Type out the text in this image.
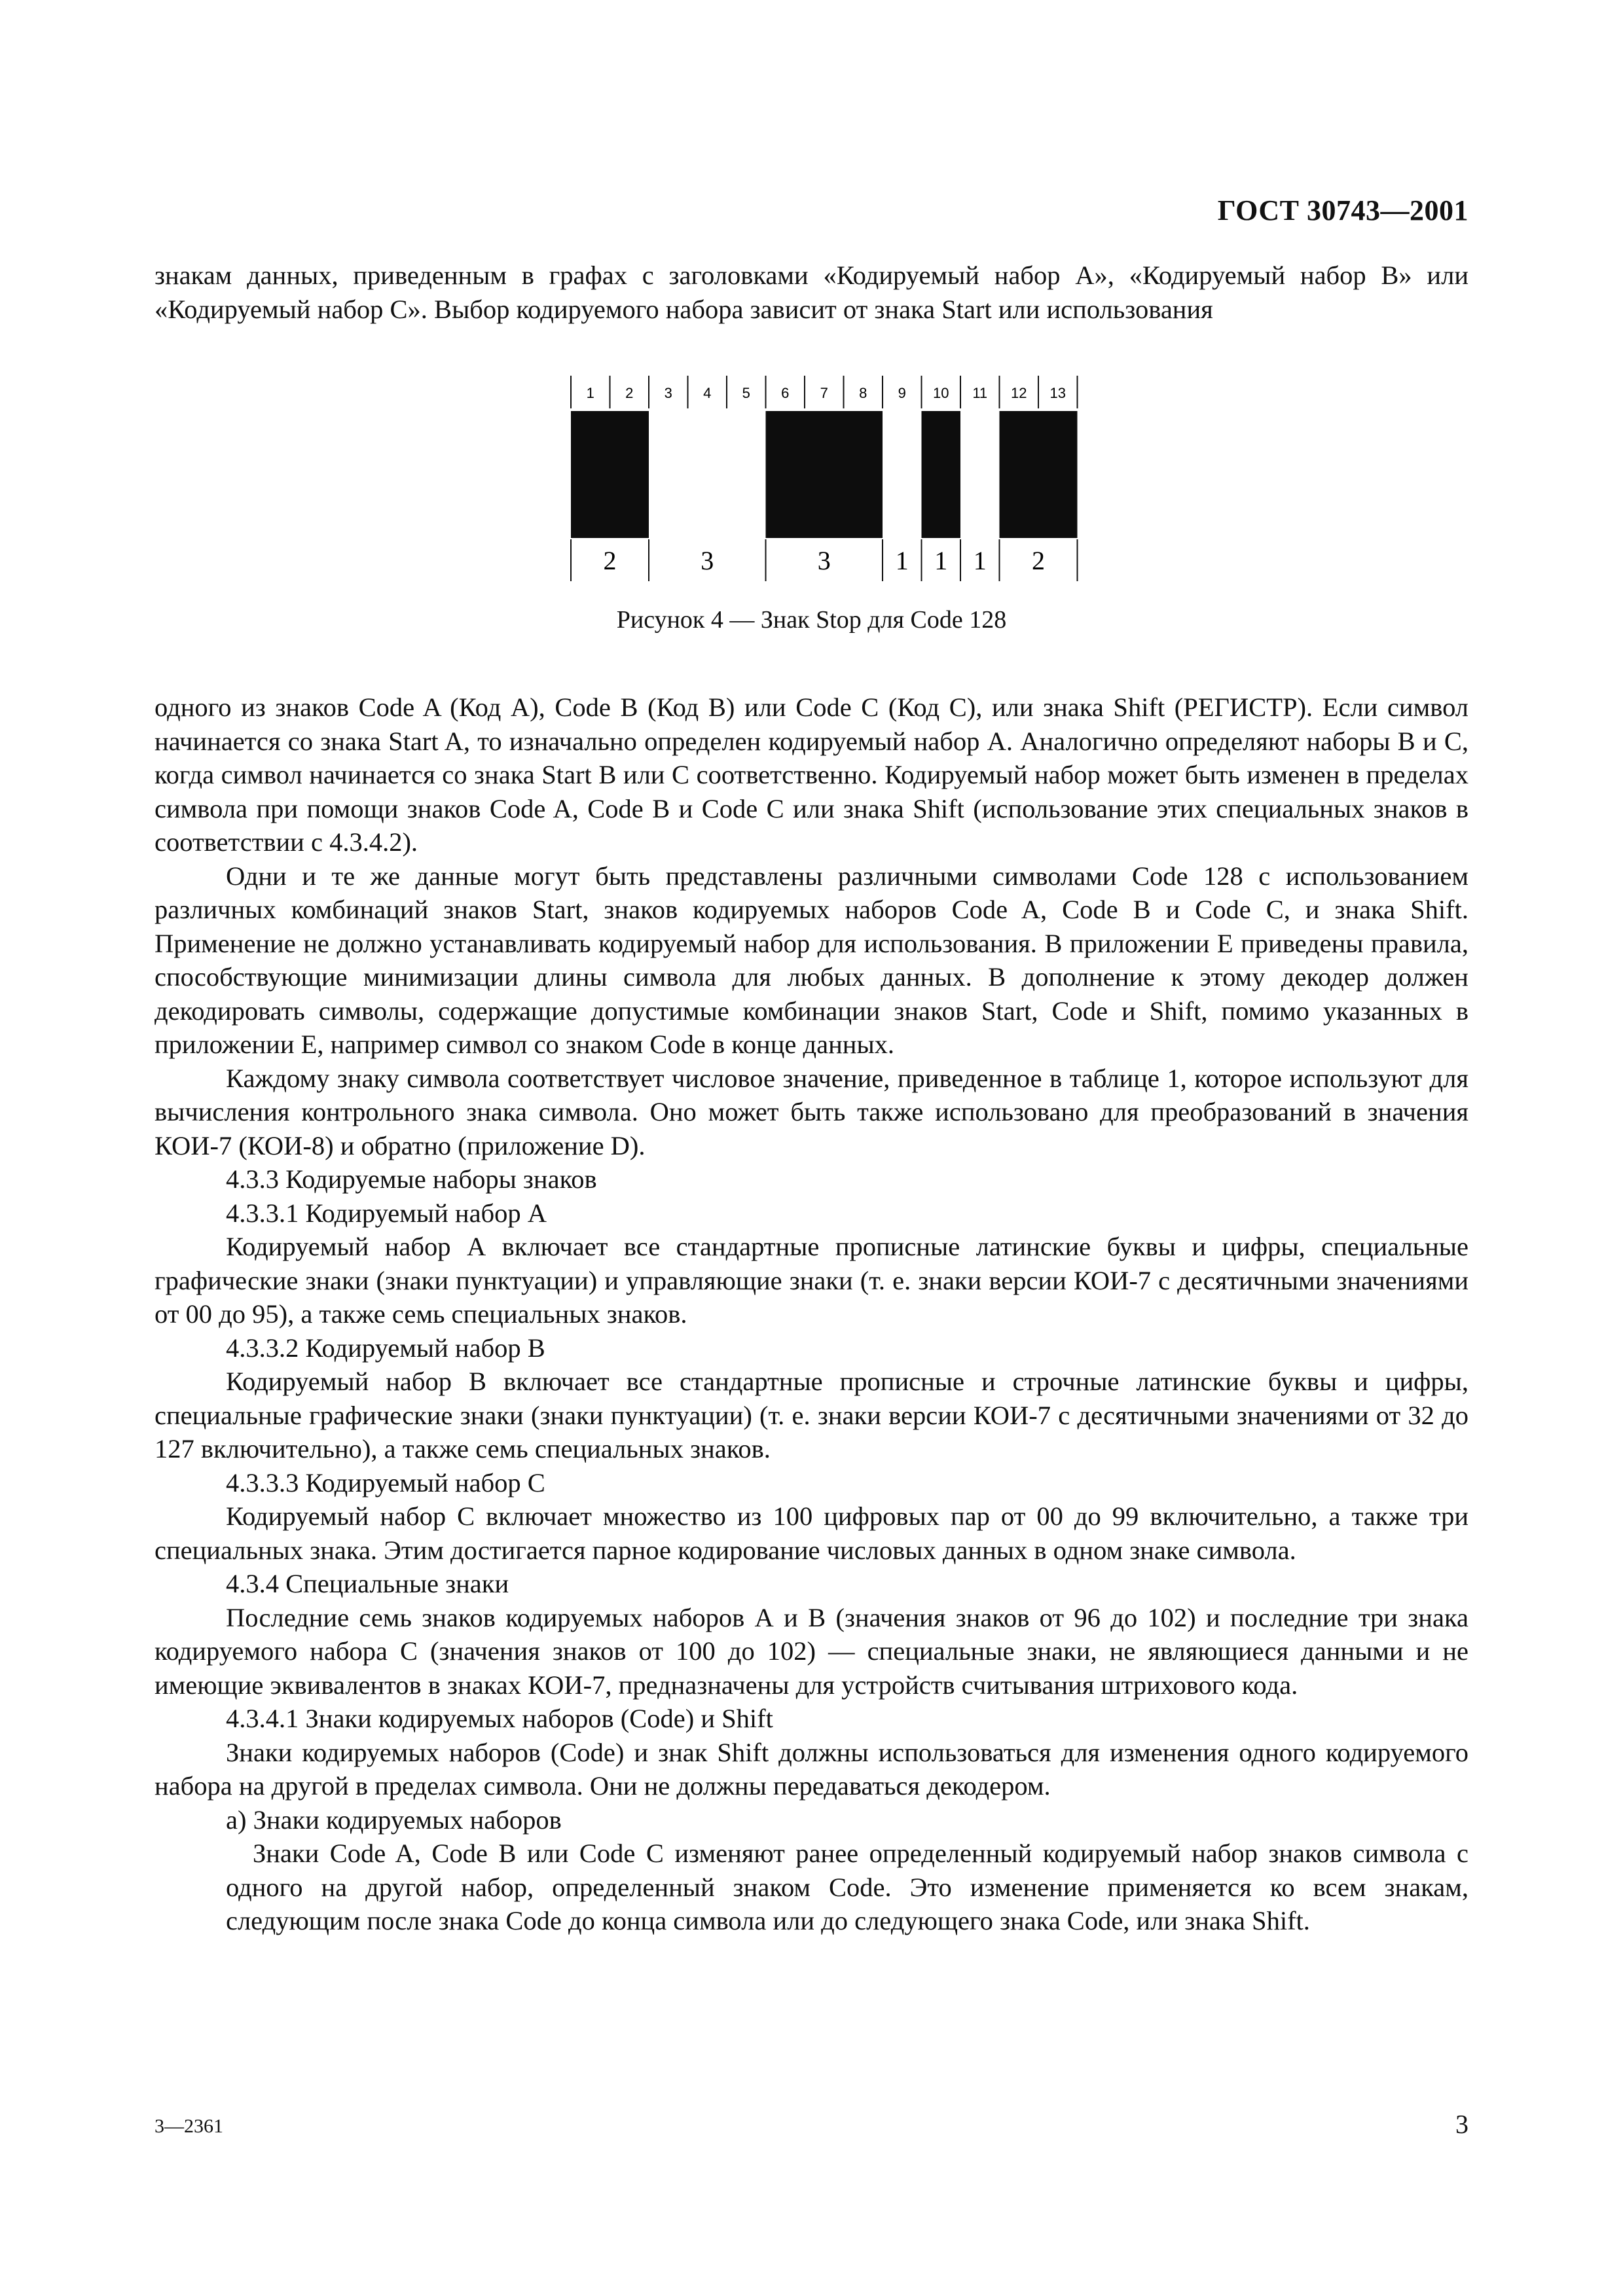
ГОСТ 30743—2001

знакам данных, приведенным в графах с заголовками «Кодируемый набор А», «Кодируемый набор В» или «Кодируемый набор С». Выбор кодируемого набора зависит от знака Start или использования

1 2 3 4 5 6 7 8 9 10 11 12 13
2	3	3 1 1 1 2
Рисунок 4 — Знак Stop для Code 128

одного из знаков Code A (Код А), Code B (Код В) или Code C (Код С), или знака Shift (РЕГИСТР). Если символ начинается со знака Start A, то изначально определен кодируемый набор А. Аналогично определяют наборы В и С, когда символ начинается со знака Start B или C соответственно. Кодируемый набор может быть изменен в пределах символа при помощи знаков Code A, Code B и Code C или знака Shift (использование этих специальных знаков в соответствии с 4.3.4.2).

Одни и те же данные могут быть представлены различными символами Code 128 с использованием различных комбинаций знаков Start, знаков кодируемых наборов Code A, Code B и Code C, и знака Shift. Применение не должно устанавливать кодируемый набор для использования. В приложении Е приведены правила, способствующие минимизации длины символа для любых данных. В дополнение к этому декодер должен декодировать символы, содержащие допустимые комбинации знаков Start, Code и Shift, помимо указанных в приложении Е, например символ со знаком Code в конце данных.

Каждому знаку символа соответствует числовое значение, приведенное в таблице 1, которое используют для вычисления контрольного знака символа. Оно может быть также использовано для преобразований в значения КОИ-7 (КОИ-8) и обратно (приложение D).

4.3.3 Кодируемые наборы знаков

4.3.3.1 Кодируемый набор А

Кодируемый набор А включает все стандартные прописные латинские буквы и цифры, специальные графические знаки (знаки пунктуации) и управляющие знаки (т. е. знаки версии КОИ-7 с десятичными значениями от 00 до 95), а также семь специальных знаков.

4.3.3.2 Кодируемый набор В

Кодируемый набор В включает все стандартные прописные и строчные латинские буквы и цифры, специальные графические знаки (знаки пунктуации) (т. е. знаки версии КОИ-7 с десятичными значениями от 32 до 127 включительно), а также семь специальных знаков.

4.3.3.3 Кодируемый набор С

Кодируемый набор С включает множество из 100 цифровых пар от 00 до 99 включительно, а также три специальных знака. Этим достигается парное кодирование числовых данных в одном знаке символа.

4.3.4 Специальные знаки

Последние семь знаков кодируемых наборов А и В (значения знаков от 96 до 102) и последние три знака кодируемого набора С (значения знаков от 100 до 102) — специальные знаки, не являющиеся данными и не имеющие эквивалентов в знаках КОИ-7, предназначены для устройств считывания штрихового кода.

4.3.4.1 Знаки кодируемых наборов (Code) и Shift

Знаки кодируемых наборов (Code) и знак Shift должны использоваться для изменения одного кодируемого набора на другой в пределах символа. Они не должны передаваться декодером.

а) Знаки кодируемых наборов

Знаки Code A, Code B или Code C изменяют ранее определенный кодируемый набор знаков символа с одного на другой набор, определенный знаком Code. Это изменение применяется ко всем знакам, следующим после знака Code до конца символа или до следующего знака Code, или знака Shift.

3—2361	3
